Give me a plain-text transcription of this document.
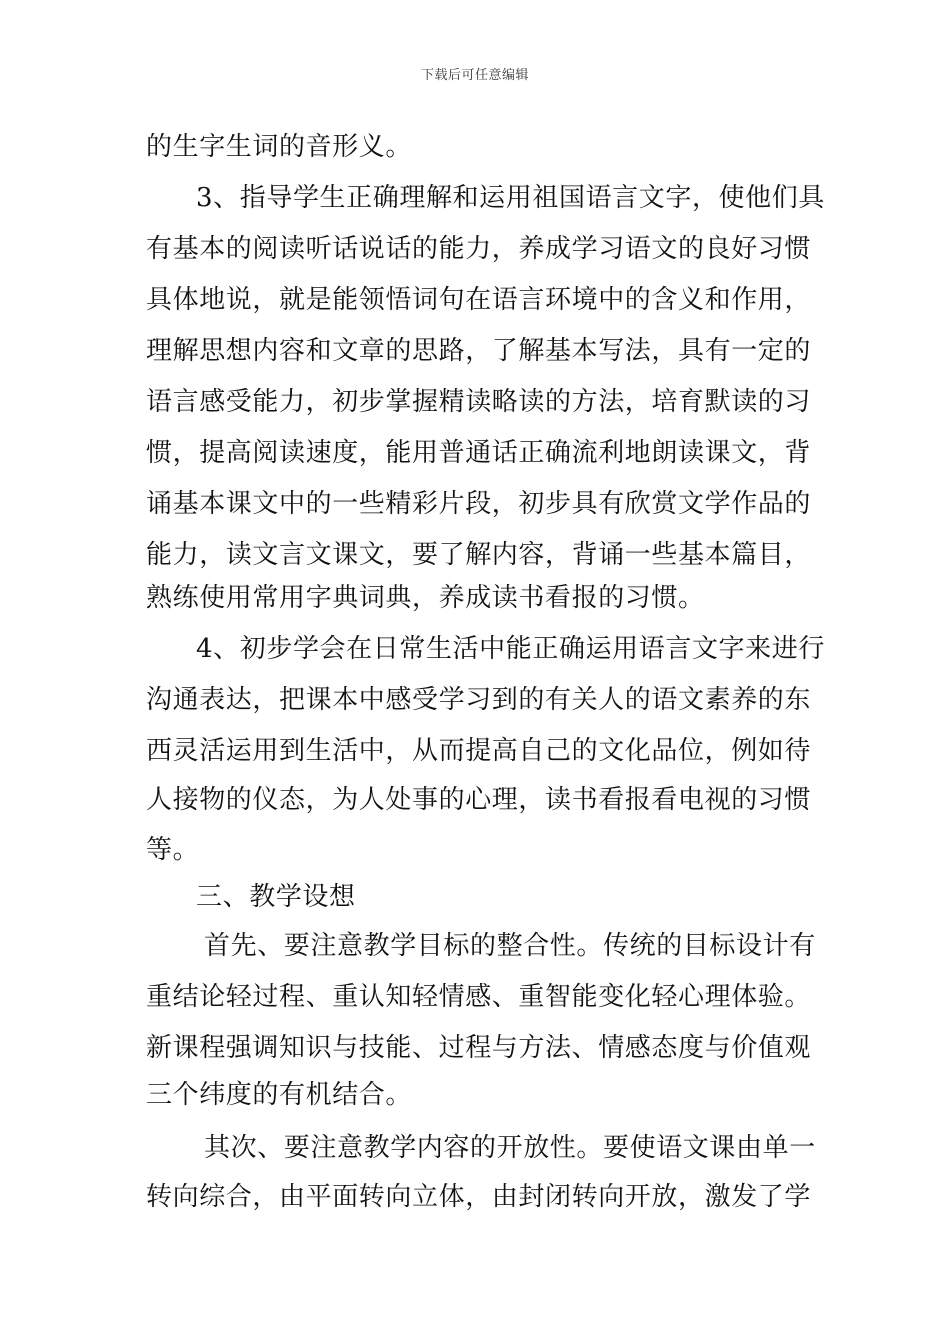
下载后可任意编辑
的生字生词的音形义。
3、指导学生正确理解和运用祖国语言文字，使他们具
有基本的阅读听话说话的能力，养成学习语文的良好习惯
具体地说，就是能领悟词句在语言环境中的含义和作用，
理解思想内容和文章的思路，了解基本写法，具有一定的
语言感受能力，初步掌握精读略读的方法，培育默读的习
惯，提高阅读速度，能用普通话正确流利地朗读课文，背
诵基本课文中的一些精彩片段，初步具有欣赏文学作品的
能力，读文言文课文，要了解内容，背诵一些基本篇目，
熟练使用常用字典词典，养成读书看报的习惯。
4、初步学会在日常生活中能正确运用语言文字来进行
沟通表达，把课本中感受学习到的有关人的语文素养的东
西灵活运用到生活中，从而提高自己的文化品位，例如待
人接物的仪态，为人处事的心理，读书看报看电视的习惯
等。
三、教学设想
首先、要注意教学目标的整合性。传统的目标设计有
重结论轻过程、重认知轻情感、重智能变化轻心理体验。
新课程强调知识与技能、过程与方法、情感态度与价值观
三个纬度的有机结合。
其次、要注意教学内容的开放性。要使语文课由单一
转向综合，由平面转向立体，由封闭转向开放，激发了学
